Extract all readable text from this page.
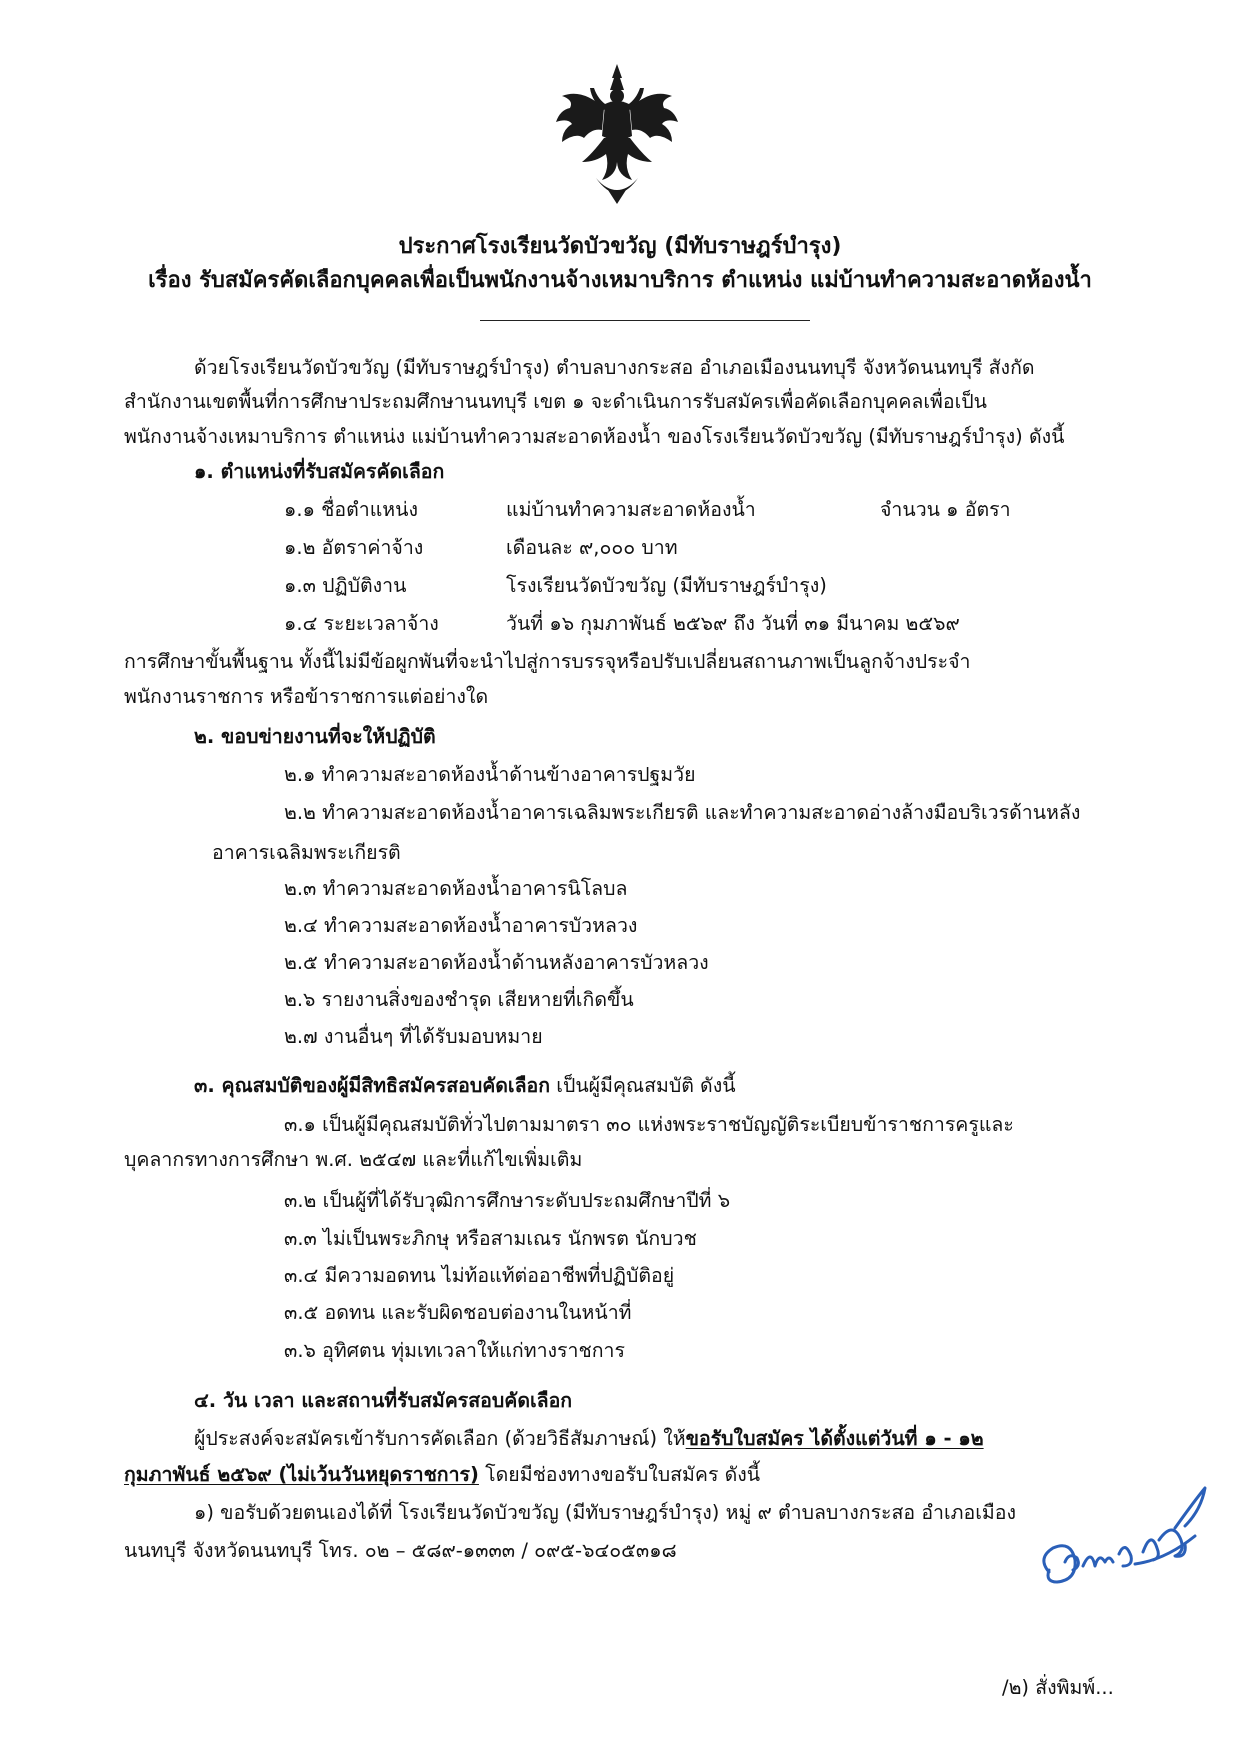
ประกาศโรงเรียนวัดบัวขวัญ (มีทับราษฎร์บำรุง)
เรื่อง รับสมัครคัดเลือกบุคคลเพื่อเป็นพนักงานจ้างเหมาบริการ ตำแหน่ง แม่บ้านทำความสะอาดห้องน้ำ
ด้วยโรงเรียนวัดบัวขวัญ (มีทับราษฎร์บำรุง) ตำบลบางกระสอ อำเภอเมืองนนทบุรี จังหวัดนนทบุรี สังกัด
สำนักงานเขตพื้นที่การศึกษาประถมศึกษานนทบุรี เขต ๑ จะดำเนินการรับสมัครเพื่อคัดเลือกบุคคลเพื่อเป็น
พนักงานจ้างเหมาบริการ ตำแหน่ง แม่บ้านทำความสะอาดห้องน้ำ ของโรงเรียนวัดบัวขวัญ (มีทับราษฎร์บำรุง) ดังนี้
๑. ตำแหน่งที่รับสมัครคัดเลือก
๑.๑ ชื่อตำแหน่ง	แม่บ้านทำความสะอาดห้องน้ำ	จำนวน ๑ อัตรา
๑.๒ อัตราค่าจ้าง	เดือนละ ๙,๐๐๐ บาท
๑.๓ ปฏิบัติงาน	โรงเรียนวัดบัวขวัญ (มีทับราษฎร์บำรุง)
๑.๔ ระยะเวลาจ้าง	วันที่ ๑๖ กุมภาพันธ์ ๒๕๖๙ ถึง วันที่ ๓๑ มีนาคม ๒๕๖๙
การศึกษาขั้นพื้นฐาน ทั้งนี้ไม่มีข้อผูกพันที่จะนำไปสู่การบรรจุหรือปรับเปลี่ยนสถานภาพเป็นลูกจ้างประจำ
พนักงานราชการ หรือข้าราชการแต่อย่างใด
๒. ขอบข่ายงานที่จะให้ปฏิบัติ
๒.๑ ทำความสะอาดห้องน้ำด้านข้างอาคารปฐมวัย
๒.๒ ทำความสะอาดห้องน้ำอาคารเฉลิมพระเกียรติ และทำความสะอาดอ่างล้างมือบริเวรด้านหลัง
อาคารเฉลิมพระเกียรติ
๒.๓ ทำความสะอาดห้องน้ำอาคารนิโลบล
๒.๔ ทำความสะอาดห้องน้ำอาคารบัวหลวง
๒.๕ ทำความสะอาดห้องน้ำด้านหลังอาคารบัวหลวง
๒.๖ รายงานสิ่งของชำรุด เสียหายที่เกิดขึ้น
๒.๗ งานอื่นๆ ที่ได้รับมอบหมาย
๓. คุณสมบัติของผู้มีสิทธิสมัครสอบคัดเลือก เป็นผู้มีคุณสมบัติ ดังนี้
๓.๑ เป็นผู้มีคุณสมบัติทั่วไปตามมาตรา ๓๐ แห่งพระราชบัญญัติระเบียบข้าราชการครูและ
บุคลากรทางการศึกษา พ.ศ. ๒๕๔๗ และที่แก้ไขเพิ่มเติม
๓.๒ เป็นผู้ที่ได้รับวุฒิการศึกษาระดับประถมศึกษาปีที่ ๖
๓.๓ ไม่เป็นพระภิกษุ หรือสามเณร นักพรต นักบวช
๓.๔ มีความอดทน ไม่ท้อแท้ต่ออาชีพที่ปฏิบัติอยู่
๓.๕ อดทน และรับผิดชอบต่องานในหน้าที่
๓.๖ อุทิศตน ทุ่มเทเวลาให้แก่ทางราชการ
๔. วัน เวลา และสถานที่รับสมัครสอบคัดเลือก
ผู้ประสงค์จะสมัครเข้ารับการคัดเลือก (ด้วยวิธีสัมภาษณ์) ให้ขอรับใบสมัคร ได้ตั้งแต่วันที่ ๑ - ๑๒
กุมภาพันธ์ ๒๕๖๙ (ไม่เว้นวันหยุดราชการ) โดยมีช่องทางขอรับใบสมัคร ดังนี้
๑) ขอรับด้วยตนเองได้ที่ โรงเรียนวัดบัวขวัญ (มีทับราษฎร์บำรุง) หมู่ ๙ ตำบลบางกระสอ อำเภอเมือง
นนทบุรี จังหวัดนนทบุรี โทร. ๐๒ – ๕๘๙-๑๓๓๓ / ๐๙๕-๖๔๐๕๓๑๘
/๒) สั่งพิมพ์...
